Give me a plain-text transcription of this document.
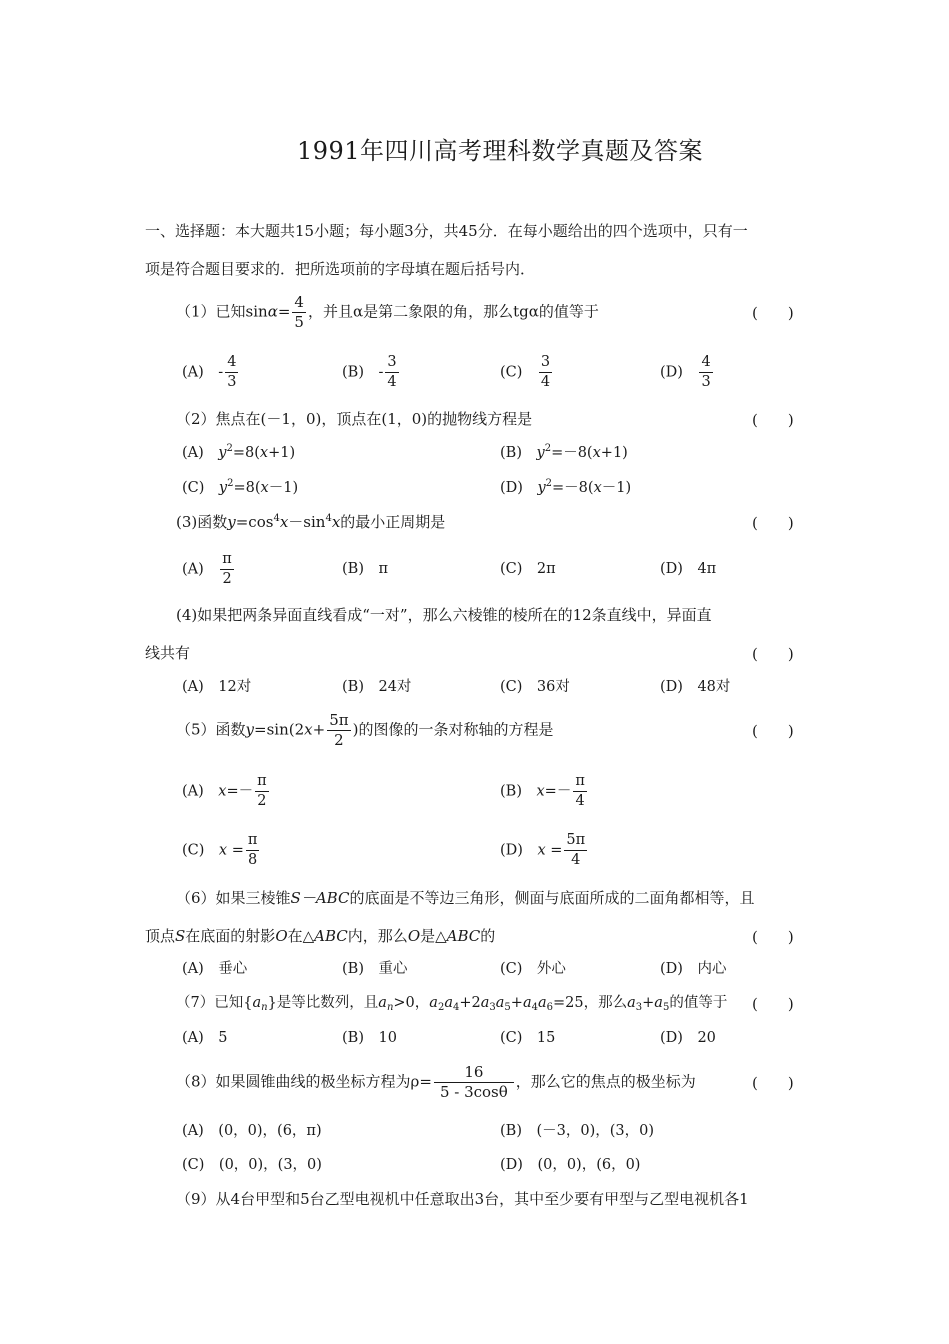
1991年四川高考理科数学真题及答案
一、选择题：本大题共15小题；每小题3分，共45分．在每小题给出的四个选项中，只有一
项是符合题目要求的．把所选项前的字母填在题后括号内．
（1）已知$\sin\alpha= \frac{4}{5}$ ，并且α是第二象限的角，那么tgα的值等于	(　　)
(A)　 - $\frac{4}{3}$	(B)　 - $\frac{3}{4}$	(C)　 $\frac{3}{4}$	(D)　 $\frac{4}{3}$
（2）焦点在(－1，0)，顶点在(1，0)的抛物线方程是	(　　)
(A)　 $y^2=8(x+1)$	(B)　 $y^2=-8(x+1)$
(C)　 $y^2=8(x-1)$	(D)　 $y^2=-8(x-1)$
(3)函数$y=\cos^4x-\sin^4x$的最小正周期是	(　　)
(A)　 $\frac{\pi}{2}$	(B)　π	(C)　2π	(D)　4π
(4)如果把两条异面直线看成“一对”，那么六棱锥的棱所在的12条直线中，异面直
线共有	(　　)
(A)　12对	(B)　24对	(C)　36对	(D)　48对
（5）函数$y=\sin(2x+ \frac{5\pi}{2}$ )的图像的一条对称轴的方程是	(　　)
(A)　 $x=- \frac{\pi}{2}$	(B)　 $x=- \frac{\pi}{4}$
(C)　 $x = \frac{\pi}{8}$	(D)　 $x = \frac{5\pi}{4}$
（6）如果三棱锥S－ABC的底面是不等边三角形，侧面与底面所成的二面角都相等，且
顶点S在底面的射影O在△ABC内，那么O是△ABC的	(　　)
(A)　垂心	(B)　重心	(C)　外心	(D)　内心
（7）已知$\{a_n\}$是等比数列，且$a_n>0$，$a_2a_4+2a_3a_5+a_4a_6=25$，那么$a_3+a_5$的值等于 (　　)
(A)　5	(B)　10	(C)　15	(D)　20
（8）如果圆锥曲线的极坐标方程为$\rho= \frac{16}{5 - 3\cos\theta}$ ，那么它的焦点的极坐标为	(　　)
(A)　(0，0)，(6，π)	(B)　(－3，0)，(3，0)
(C)　(0，0)，(3，0)	(D)　(0，0)，(6，0)
（9）从4台甲型和5台乙型电视机中任意取出3台，其中至少要有甲型与乙型电视机各1
